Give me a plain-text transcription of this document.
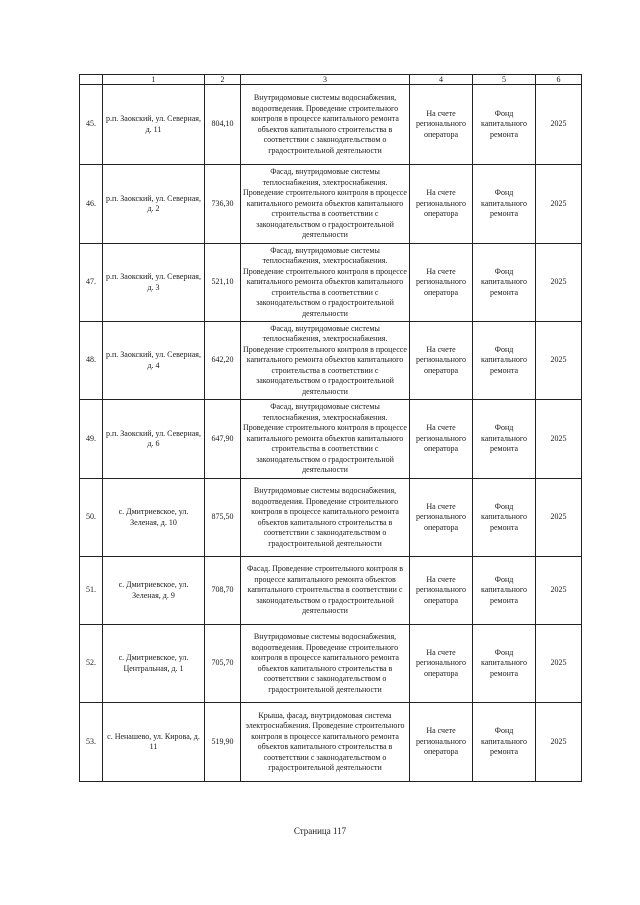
	1	2	3	4	5	6
45.	р.п. Заокский, ул. Северная, д. 11	804,10	Внутридомовые системы водоснабжения, водоотведения. Проведение строительного контроля в процессе капитального ремонта объектов капитального строительства в соответствии с законодательством о градостроительной деятельности	На счете регионального оператора	Фонд капитального ремонта	2025
46.	р.п. Заокский, ул. Северная, д. 2	736,30	Фасад, внутридомовые системы теплоснабжения, электроснабжения. Проведение строительного контроля в процессе капитального ремонта объектов капитального строительства в соответствии с законодательством о градостроительной деятельности	На счете регионального оператора	Фонд капитального ремонта	2025
47.	р.п. Заокский, ул. Северная, д. 3	521,10	Фасад, внутридомовые системы теплоснабжения, электроснабжения. Проведение строительного контроля в процессе капитального ремонта объектов капитального строительства в соответствии с законодательством о градостроительной деятельности	На счете регионального оператора	Фонд капитального ремонта	2025
48.	р.п. Заокский, ул. Северная, д. 4	642,20	Фасад, внутридомовые системы теплоснабжения, электроснабжения. Проведение строительного контроля в процессе капитального ремонта объектов капитального строительства в соответствии с законодательством о градостроительной деятельности	На счете регионального оператора	Фонд капитального ремонта	2025
49.	р.п. Заокский, ул. Северная, д. 6	647,90	Фасад, внутридомовые системы теплоснабжения, электроснабжения. Проведение строительного контроля в процессе капитального ремонта объектов капитального строительства в соответствии с законодательством о градостроительной деятельности	На счете регионального оператора	Фонд капитального ремонта	2025
50.	с. Дмитриевское, ул. Зеленая, д. 10	875,50	Внутридомовые системы водоснабжения, водоотведения. Проведение строительного контроля в процессе капитального ремонта объектов капитального строительства в соответствии с законодательством о градостроительной деятельности	На счете регионального оператора	Фонд капитального ремонта	2025
51.	с. Дмитриевское, ул. Зеленая, д. 9	708,70	Фасад. Проведение строительного контроля в процессе капитального ремонта объектов капитального строительства в соответствии с законодательством о градостроительной деятельности	На счете регионального оператора	Фонд капитального ремонта	2025
52.	с. Дмитриевское, ул. Центральная, д. 1	705,70	Внутридомовые системы водоснабжения, водоотведения. Проведение строительного контроля в процессе капитального ремонта объектов капитального строительства в соответствии с законодательством о градостроительной деятельности	На счете регионального оператора	Фонд капитального ремонта	2025
53.	с. Ненашево, ул. Кирова, д. 11	519,90	Крыша, фасад, внутридомовая система электроснабжения. Проведение строительного контроля в процессе капитального ремонта объектов капитального строительства в соответствии с законодательством о градостроительной деятельности	На счете регионального оператора	Фонд капитального ремонта	2025
Страница 117
